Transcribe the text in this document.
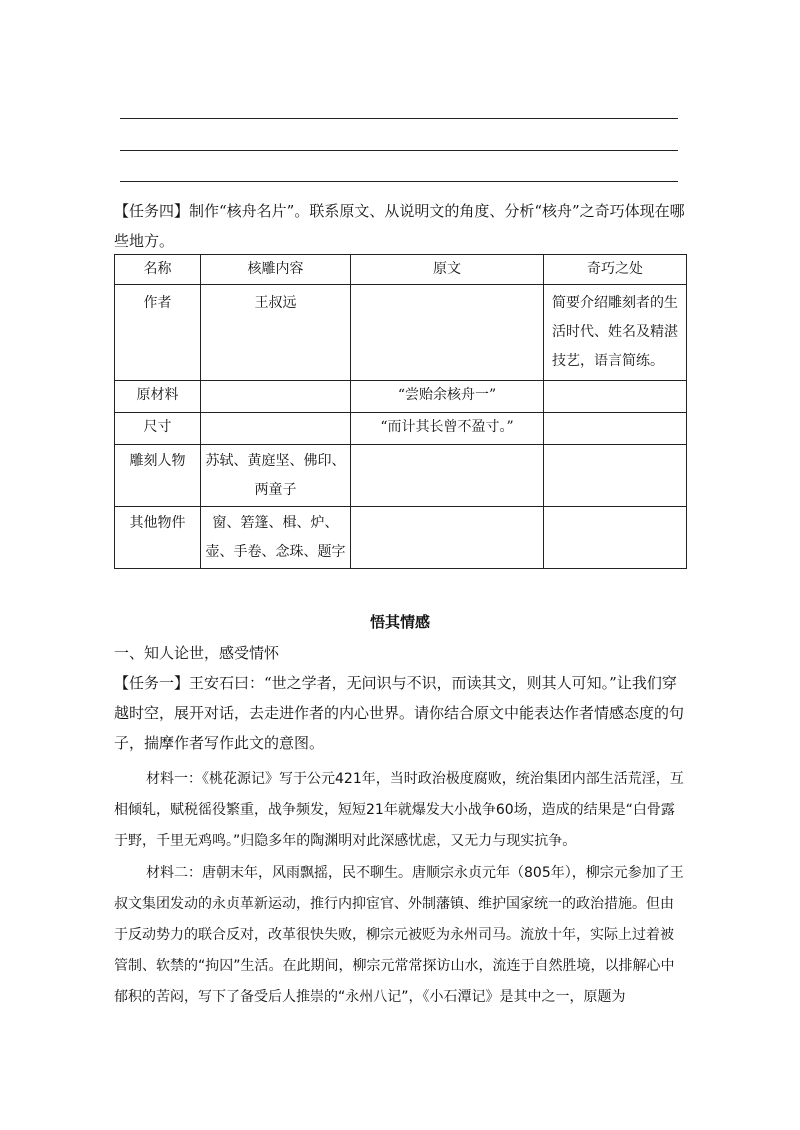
【任务四】制作“核舟名片”。联系原文、从说明文的角度、分析“核舟”之奇巧体现在哪些地方。

名称	核雕内容	原文	奇巧之处
作者	王叔远		简要介绍雕刻者的生活时代、姓名及精湛技艺，语言简练。
原材料		“尝贻余核舟一”	
尺寸		“而计其长曾不盈寸。”	
雕刻人物	苏轼、黄庭坚、佛印、两童子		
其他物件	窗、箬篷、楫、炉、壶、手卷、念珠、题字		
悟其情感

一、知人论世，感受情怀

【任务一】王安石曰：“世之学者，无问识与不识，而读其文，则其人可知。”让我们穿越时空，展开对话，去走进作者的内心世界。请你结合原文中能表达作者情感态度的句子，揣摩作者写作此文的意图。

材料一：《桃花源记》写于公元421年，当时政治极度腐败，统治集团内部生活荒淫，互相倾轧，赋税徭役繁重，战争频发，短短21年就爆发大小战争60场，造成的结果是“白骨露于野，千里无鸡鸣。”归隐多年的陶渊明对此深感忧虑，又无力与现实抗争。

材料二：唐朝末年，风雨飘摇，民不聊生。唐顺宗永贞元年（805年），柳宗元参加了王叔文集团发动的永贞革新运动，推行内抑宦官、外制藩镇、维护国家统一的政治措施。但由于反动势力的联合反对，改革很快失败，柳宗元被贬为永州司马。流放十年，实际上过着被管制、软禁的“拘囚”生活。在此期间，柳宗元常常探访山水，流连于自然胜境，以排解心中郁积的苦闷，写下了备受后人推崇的“永州八记”，《小石潭记》是其中之一，原题为
